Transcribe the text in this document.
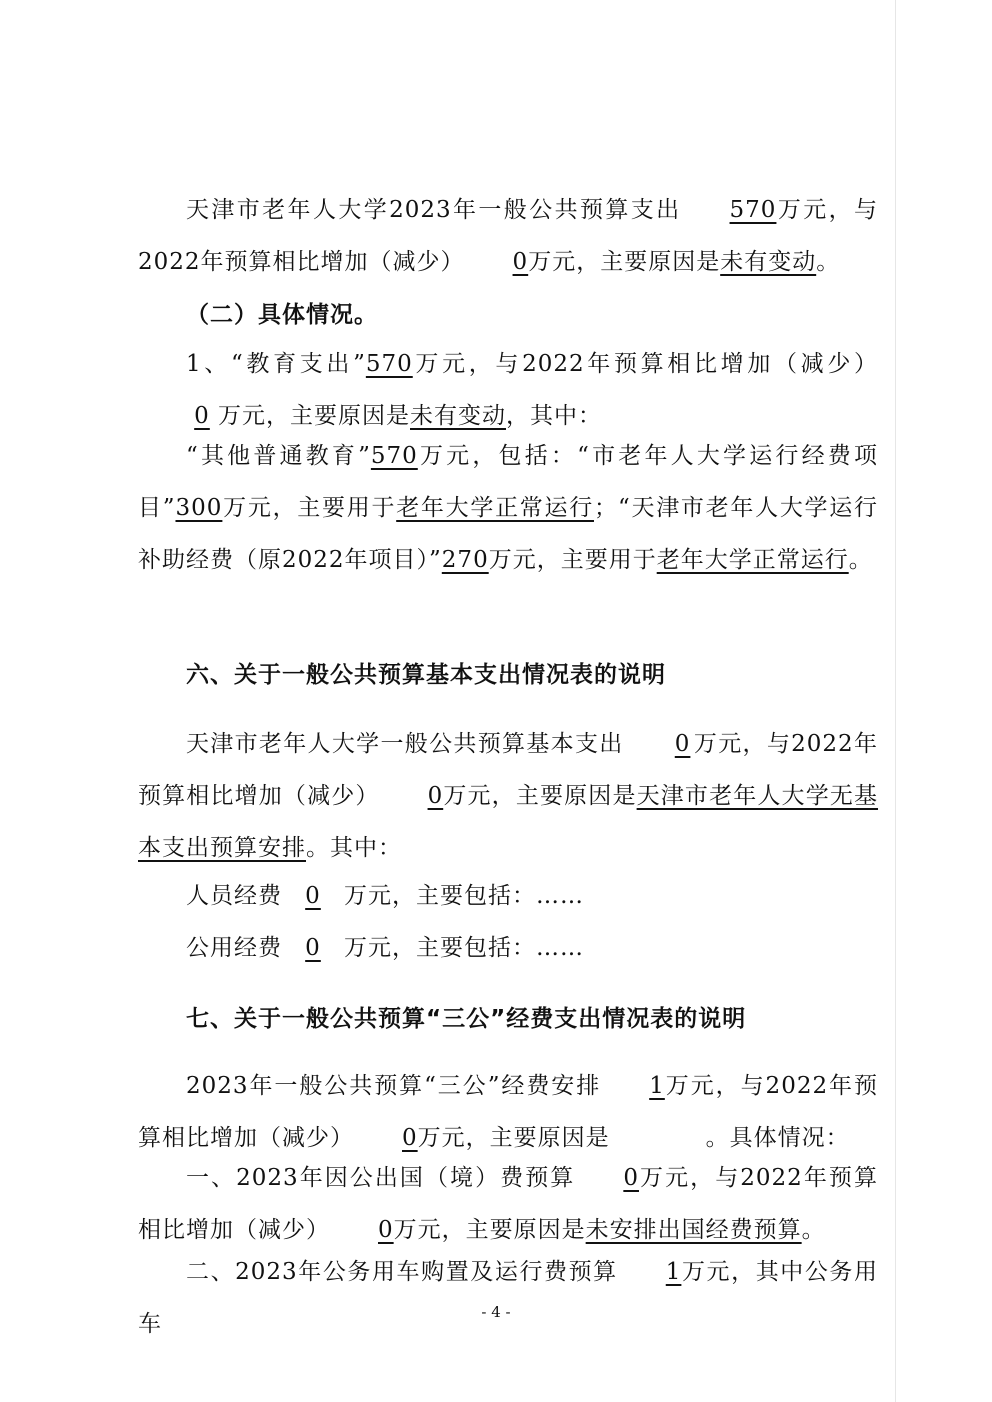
天津市老年人大学2023年一般公共预算支出 570万元，与2022年预算相比增加（减少） 0万元，主要原因是未有变动。
（二）具体情况。
1、“教育支出”570万元，与2022年预算相比增加（减少）0 万元，主要原因是未有变动，其中：
“其他普通教育”570万元，包括：“市老年人大学运行经费项目”300万元，主要用于老年大学正常运行；“天津市老年人大学运行补助经费（原2022年项目）”270万元，主要用于老年大学正常运行。
六、关于一般公共预算基本支出情况表的说明
天津市老年人大学一般公共预算基本支出 0 万元，与2022年预算相比增加（减少） 0万元，主要原因是天津市老年人大学无基本支出预算安排。其中：
人员经费 0 万元，主要包括：……
公用经费 0 万元，主要包括：……
七、关于一般公共预算“三公”经费支出情况表的说明
2023年一般公共预算“三公”经费安排 1万元，与2022年预算相比增加（减少） 0万元，主要原因是	。具体情况：
一、2023年因公出国（境）费预算 0万元，与2022年预算相比增加（减少） 0万元，主要原因是未安排出国经费预算。
二、2023年公务用车购置及运行费预算 1万元，其中公务用车	- 4 -
